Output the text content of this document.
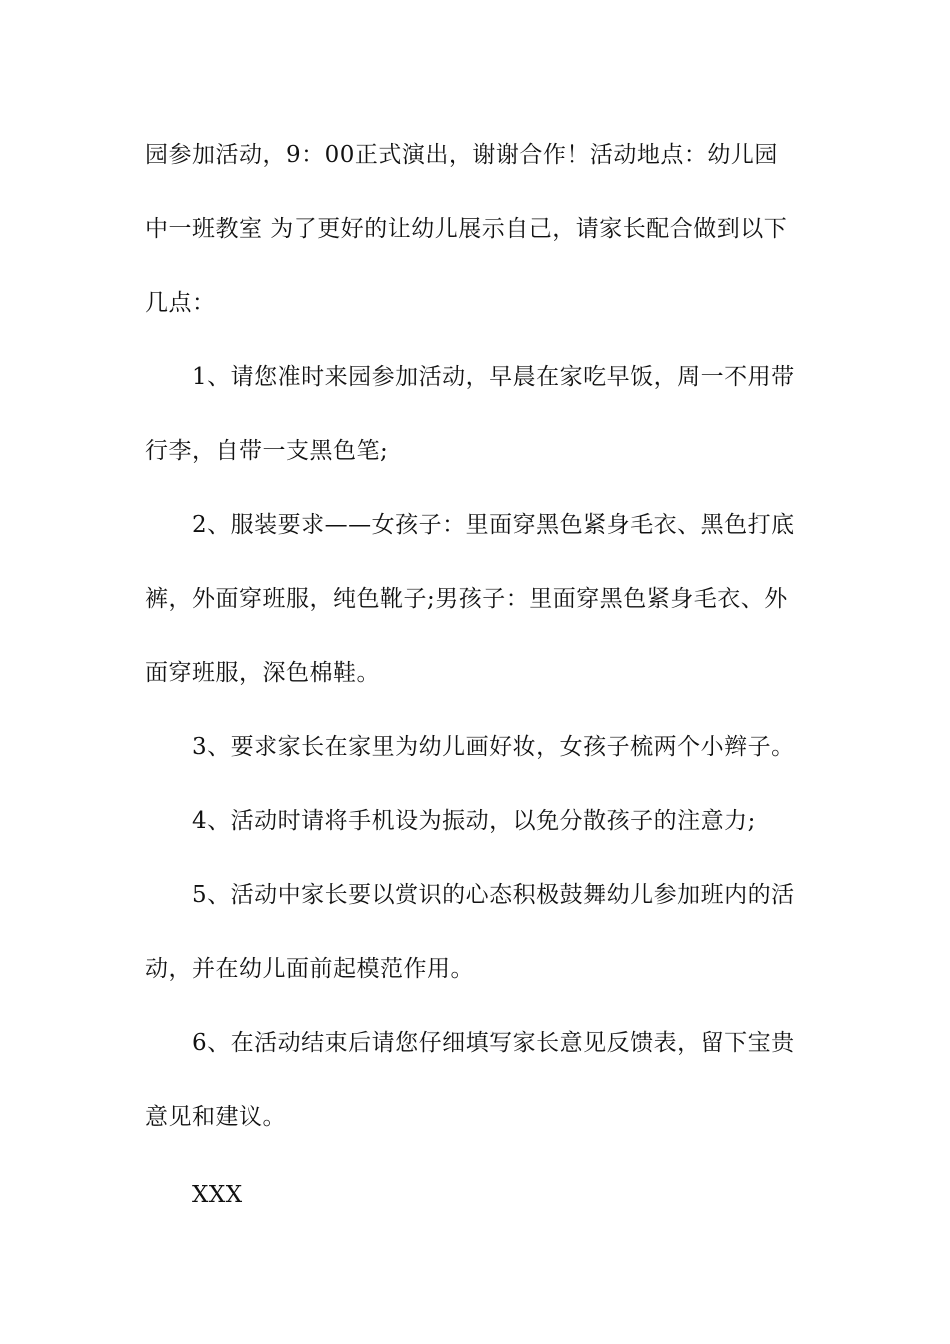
园参加活动，9：00正式演出，谢谢合作！活动地点：幼儿园
中一班教室 为了更好的让幼儿展示自己，请家长配合做到以下
几点：
1、请您准时来园参加活动，早晨在家吃早饭，周一不用带
行李，自带一支黑色笔;
2、服装要求——女孩子：里面穿黑色紧身毛衣、黑色打底
裤，外面穿班服，纯色靴子;男孩子：里面穿黑色紧身毛衣、外
面穿班服，深色棉鞋。
3、要求家长在家里为幼儿画好妆，女孩子梳两个小辫子。
4、活动时请将手机设为振动，以免分散孩子的注意力;
5、活动中家长要以赏识的心态积极鼓舞幼儿参加班内的活
动，并在幼儿面前起模范作用。
6、在活动结束后请您仔细填写家长意见反馈表，留下宝贵
意见和建议。
XXX
